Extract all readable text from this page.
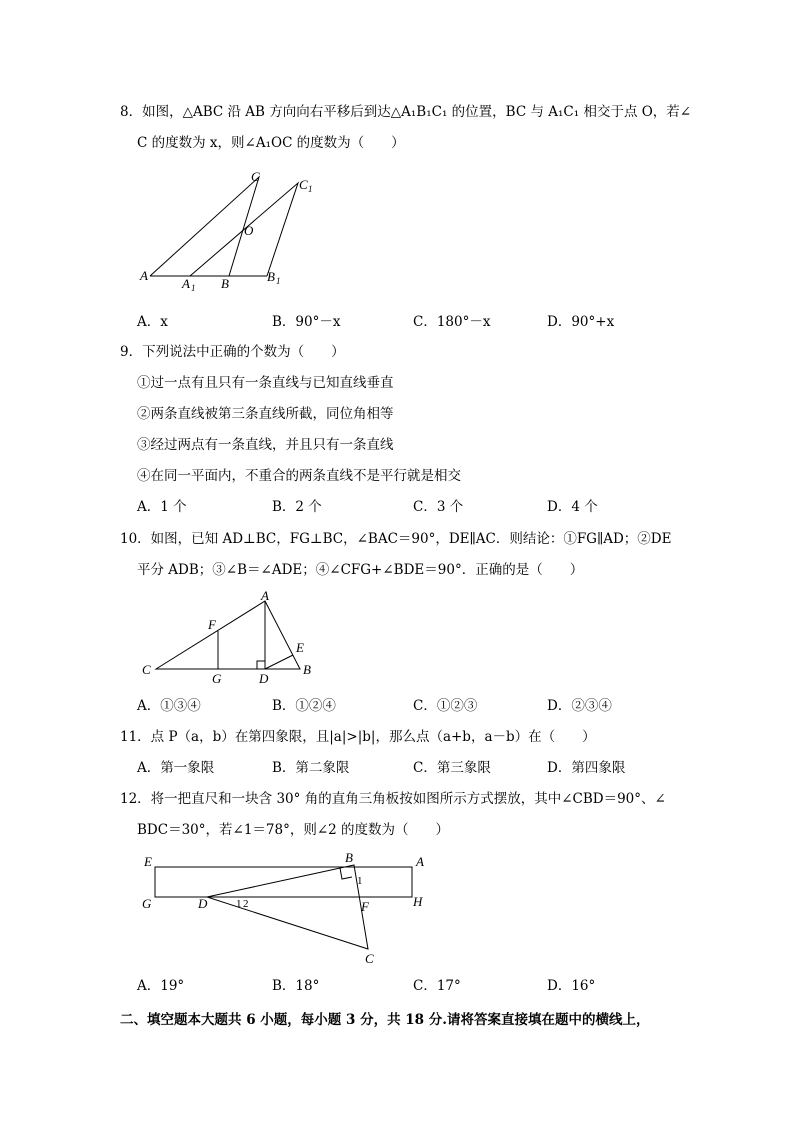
8．如图，△ABC 沿 AB 方向向右平移后到达△A₁B₁C₁ 的位置，BC 与 A₁C₁ 相交于点 O，若∠
C 的度数为 x，则∠A₁OC 的度数为（　　）
C
C 1
O
A
A 1 B	B 1
A．x	B．90°－x	C．180°－x	D．90°+x
9．下列说法中正确的个数为（　　）
①过一点有且只有一条直线与已知直线垂直
②两条直线被第三条直线所截，同位角相等
③经过两点有一条直线，并且只有一条直线
④在同一平面内，不重合的两条直线不是平行就是相交
A．1 个	B．2 个	C．3 个	D．4 个
10．如图，已知 AD⊥BC，FG⊥BC，∠BAC＝90°，DE∥AC．则结论：①FG∥AD；②DE
平分 ADB；③∠B＝∠ADE；④∠CFG+∠BDE＝90°．正确的是（　　）
A
F
E
C
G	D
B
A．①③④	B．①②④	C．①②③	D．②③④
11．点 P（a，b）在第四象限，且|a|>|b|，那么点（a+b，a－b）在（　　）
A．第一象限	B．第二象限	C．第三象限	D．第四象限
12．将一把直尺和一块含 30° 角的直角三角板按如图所示方式摆放，其中∠CBD＝90°、∠
BDC＝30°，若∠1＝78°，则∠2 的度数为（　　）
E	B	A
1
G	D	1 2	F	H
C
A．19°	B．18°	C．17°	D．16°
二、填空题本大题共 6 小题，每小题 3 分，共 18 分.请将答案直接填在题中的横线上，
